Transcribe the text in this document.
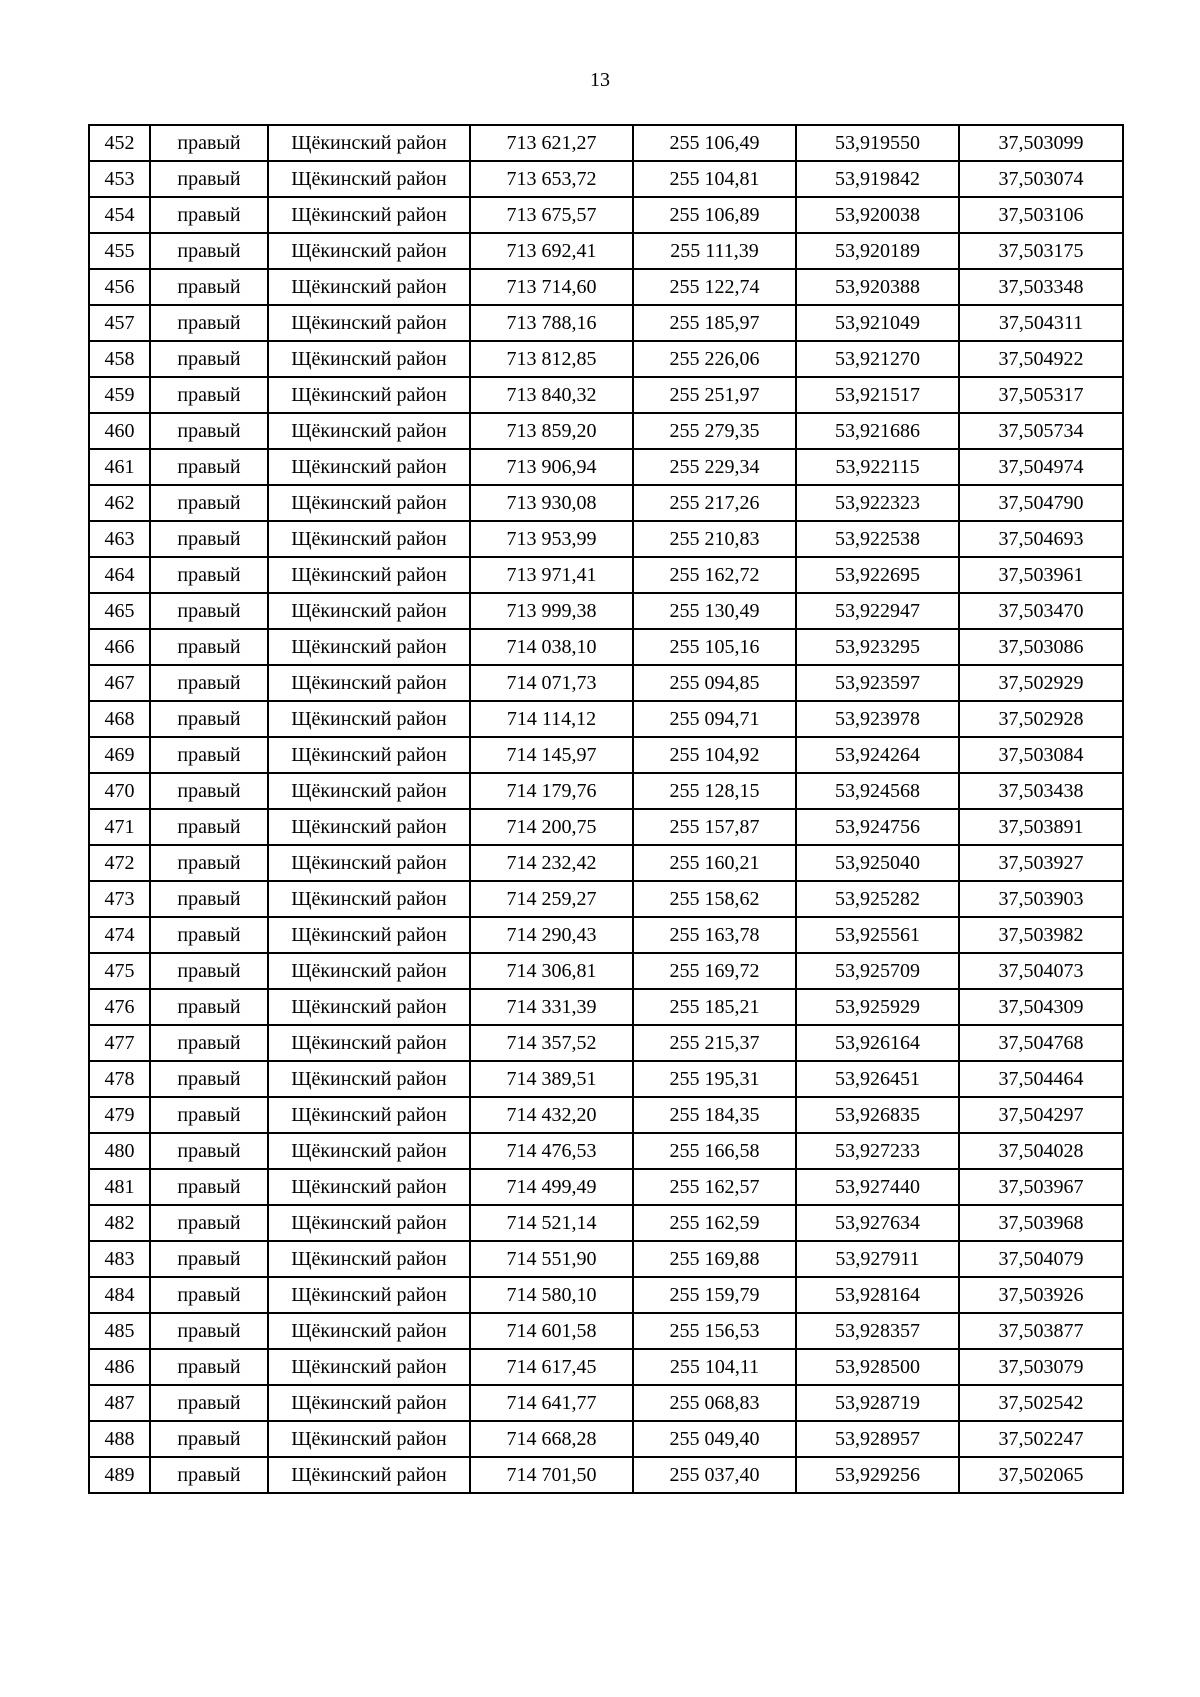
13
452	правый	Щёкинский район	713 621,27	255 106,49	53,919550	37,503099
453	правый	Щёкинский район	713 653,72	255 104,81	53,919842	37,503074
454	правый	Щёкинский район	713 675,57	255 106,89	53,920038	37,503106
455	правый	Щёкинский район	713 692,41	255 111,39	53,920189	37,503175
456	правый	Щёкинский район	713 714,60	255 122,74	53,920388	37,503348
457	правый	Щёкинский район	713 788,16	255 185,97	53,921049	37,504311
458	правый	Щёкинский район	713 812,85	255 226,06	53,921270	37,504922
459	правый	Щёкинский район	713 840,32	255 251,97	53,921517	37,505317
460	правый	Щёкинский район	713 859,20	255 279,35	53,921686	37,505734
461	правый	Щёкинский район	713 906,94	255 229,34	53,922115	37,504974
462	правый	Щёкинский район	713 930,08	255 217,26	53,922323	37,504790
463	правый	Щёкинский район	713 953,99	255 210,83	53,922538	37,504693
464	правый	Щёкинский район	713 971,41	255 162,72	53,922695	37,503961
465	правый	Щёкинский район	713 999,38	255 130,49	53,922947	37,503470
466	правый	Щёкинский район	714 038,10	255 105,16	53,923295	37,503086
467	правый	Щёкинский район	714 071,73	255 094,85	53,923597	37,502929
468	правый	Щёкинский район	714 114,12	255 094,71	53,923978	37,502928
469	правый	Щёкинский район	714 145,97	255 104,92	53,924264	37,503084
470	правый	Щёкинский район	714 179,76	255 128,15	53,924568	37,503438
471	правый	Щёкинский район	714 200,75	255 157,87	53,924756	37,503891
472	правый	Щёкинский район	714 232,42	255 160,21	53,925040	37,503927
473	правый	Щёкинский район	714 259,27	255 158,62	53,925282	37,503903
474	правый	Щёкинский район	714 290,43	255 163,78	53,925561	37,503982
475	правый	Щёкинский район	714 306,81	255 169,72	53,925709	37,504073
476	правый	Щёкинский район	714 331,39	255 185,21	53,925929	37,504309
477	правый	Щёкинский район	714 357,52	255 215,37	53,926164	37,504768
478	правый	Щёкинский район	714 389,51	255 195,31	53,926451	37,504464
479	правый	Щёкинский район	714 432,20	255 184,35	53,926835	37,504297
480	правый	Щёкинский район	714 476,53	255 166,58	53,927233	37,504028
481	правый	Щёкинский район	714 499,49	255 162,57	53,927440	37,503967
482	правый	Щёкинский район	714 521,14	255 162,59	53,927634	37,503968
483	правый	Щёкинский район	714 551,90	255 169,88	53,927911	37,504079
484	правый	Щёкинский район	714 580,10	255 159,79	53,928164	37,503926
485	правый	Щёкинский район	714 601,58	255 156,53	53,928357	37,503877
486	правый	Щёкинский район	714 617,45	255 104,11	53,928500	37,503079
487	правый	Щёкинский район	714 641,77	255 068,83	53,928719	37,502542
488	правый	Щёкинский район	714 668,28	255 049,40	53,928957	37,502247
489	правый	Щёкинский район	714 701,50	255 037,40	53,929256	37,502065
